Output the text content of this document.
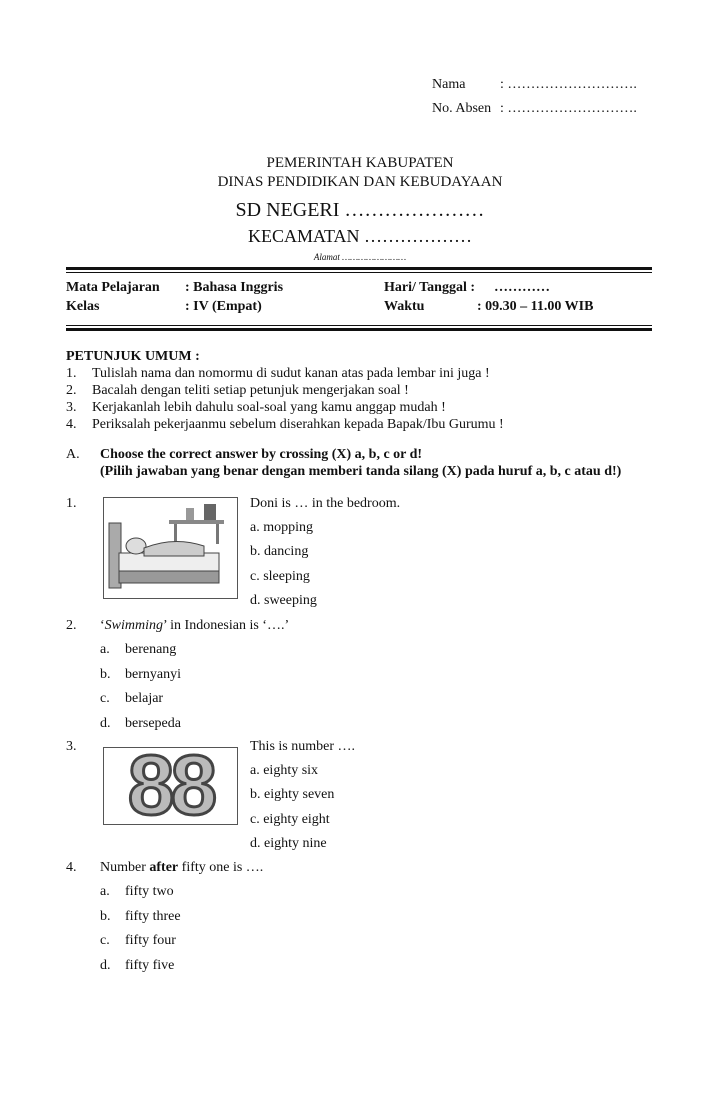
Nama : ……………………….
No. Absen : ……………………….
PEMERINTAH KABUPATEN
DINAS PENDIDIKAN DAN KEBUDAYAAN
SD NEGERI …………………
KECAMATAN ………………
Alamat ……………………
Mata Pelajaran : Bahasa Inggris	Hari/ Tanggal : …………
Kelas	: IV (Empat)	Waktu	: 09.30 – 11.00 WIB
PETUNJUK UMUM :
1. Tulislah nama dan nomormu di sudut kanan atas pada lembar ini juga !
2. Bacalah dengan teliti setiap petunjuk mengerjakan soal !
3. Kerjakanlah lebih dahulu soal-soal yang kamu anggap mudah !
4. Periksalah pekerjaanmu sebelum diserahkan kepada Bapak/Ibu Gurumu !
A. Choose the correct answer by crossing (X) a, b, c or d!
(Pilih jawaban yang benar dengan memberi tanda silang (X) pada huruf a, b, c atau d!)
1.	Doni is … in the bedroom.
a. mopping
b. dancing
c. sleeping
d. sweeping
2. ‘Swimming’ in Indonesian is ‘….’
a. berenang
b. bernyanyi
c. belajar
d. bersepeda
3. 88	This is number ….
a. eighty six
b. eighty seven
c. eighty eight
d. eighty nine
4. Number after fifty one is ….
a. fifty two
b. fifty three
c. fifty four
d. fifty five
